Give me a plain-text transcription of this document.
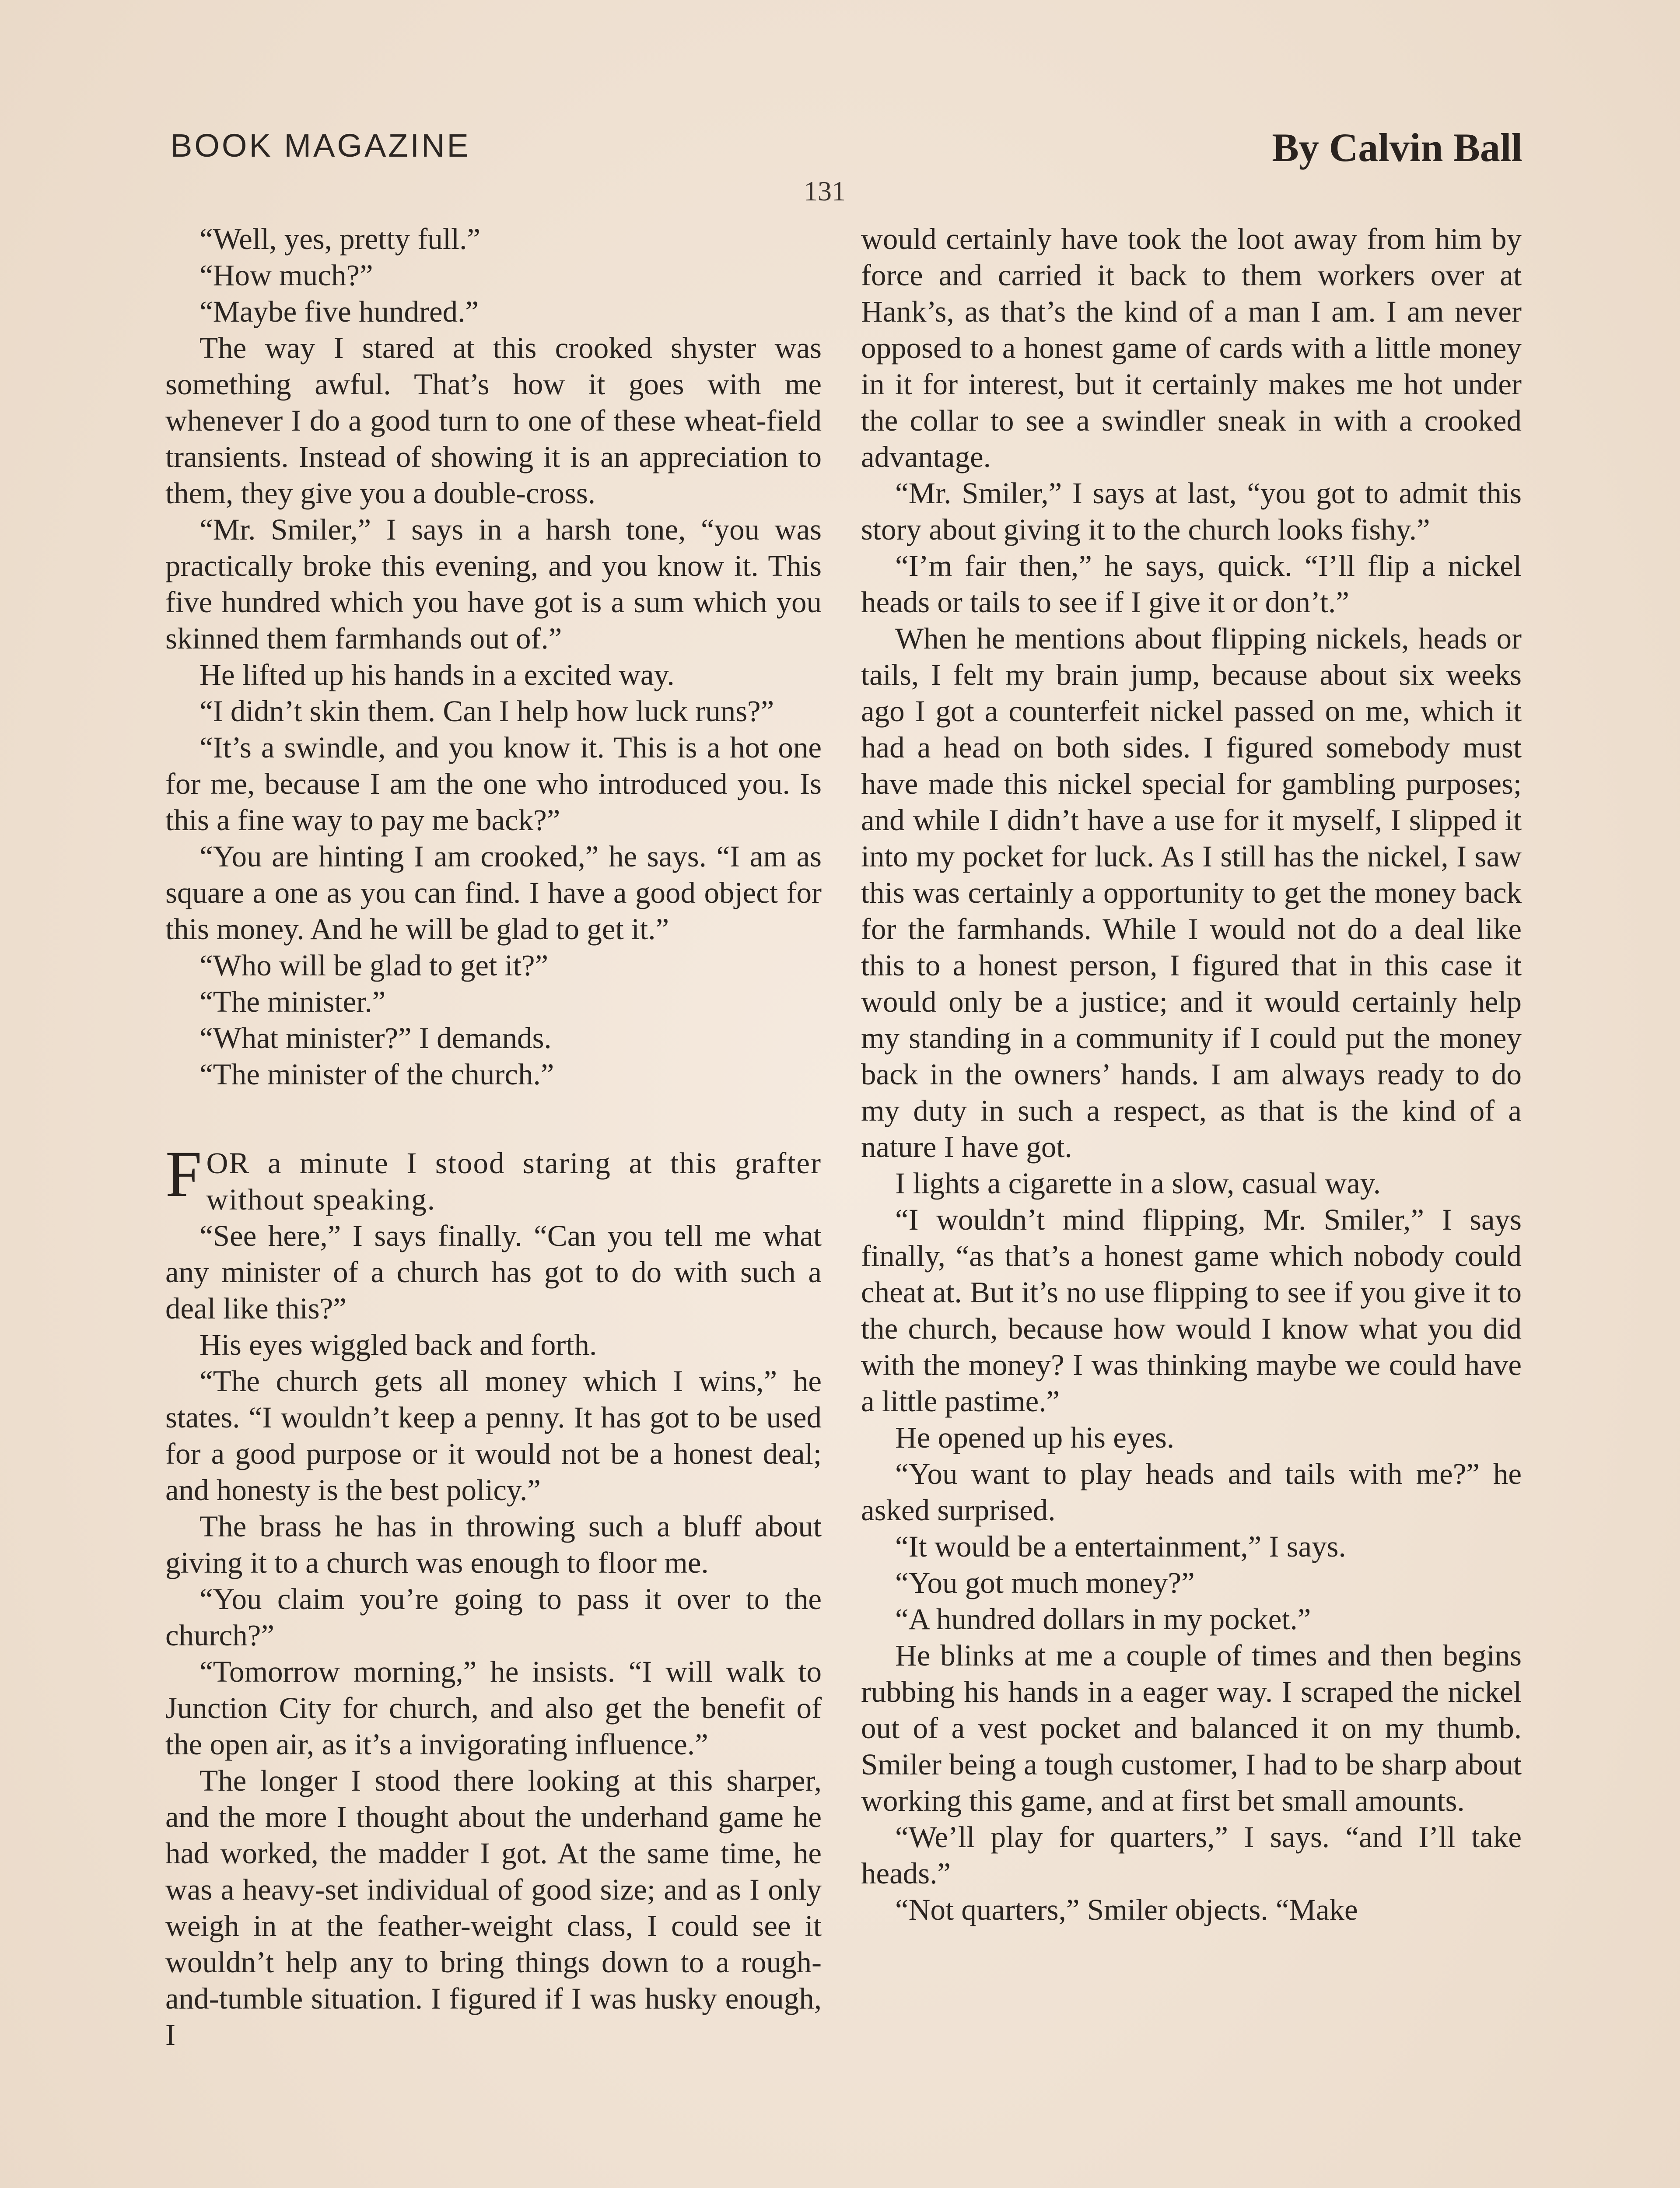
BOOK MAGAZINE	By Calvin Ball
131

“Well, yes, pretty full.”

“How much?”

“Maybe five hundred.”

The way I stared at this crooked shyster was something awful. That’s how it goes with me whenever I do a good turn to one of these wheat-field transients. Instead of showing it is an appreciation to them, they give you a double-cross.

“Mr. Smiler,” I says in a harsh tone, “you was practically broke this evening, and you know it. This five hundred which you have got is a sum which you skinned them farmhands out of.”

He lifted up his hands in a excited way.

“I didn’t skin them. Can I help how luck runs?”

“It’s a swindle, and you know it. This is a hot one for me, because I am the one who introduced you. Is this a fine way to pay me back?”

“You are hinting I am crooked,” he says. “I am as square a one as you can find. I have a good object for this money. And he will be glad to get it.”

“Who will be glad to get it?”

“The minister.”

“What minister?” I demands.

“The minister of the church.”

FOR a minute I stood staring at this grafter without speaking.

“See here,” I says finally. “Can you tell me what any minister of a church has got to do with such a deal like this?”

His eyes wiggled back and forth.

“The church gets all money which I wins,” he states. “I wouldn’t keep a penny. It has got to be used for a good purpose or it would not be a honest deal; and honesty is the best policy.”

The brass he has in throwing such a bluff about giving it to a church was enough to floor me.

“You claim you’re going to pass it over to the church?”

“Tomorrow morning,” he insists. “I will walk to Junction City for church, and also get the benefit of the open air, as it’s a invigorating influence.”

The longer I stood there looking at this sharper, and the more I thought about the underhand game he had worked, the madder I got. At the same time, he was a heavy-set individual of good size; and as I only weigh in at the feather-weight class, I could see it wouldn’t help any to bring things down to a rough-and-tumble situation. I figured if I was husky enough, I

would certainly have took the loot away from him by force and carried it back to them workers over at Hank’s, as that’s the kind of a man I am. I am never opposed to a honest game of cards with a little money in it for interest, but it certainly makes me hot under the collar to see a swindler sneak in with a crooked advantage.

“Mr. Smiler,” I says at last, “you got to admit this story about giving it to the church looks fishy.”

“I’m fair then,” he says, quick. “I’ll flip a nickel heads or tails to see if I give it or don’t.”

When he mentions about flipping nickels, heads or tails, I felt my brain jump, because about six weeks ago I got a counterfeit nickel passed on me, which it had a head on both sides. I figured somebody must have made this nickel special for gambling purposes; and while I didn’t have a use for it myself, I slipped it into my pocket for luck. As I still has the nickel, I saw this was certainly a opportunity to get the money back for the farmhands. While I would not do a deal like this to a honest person, I figured that in this case it would only be a justice; and it would certainly help my standing in a community if I could put the money back in the owners’ hands. I am always ready to do my duty in such a respect, as that is the kind of a nature I have got.

I lights a cigarette in a slow, casual way.

“I wouldn’t mind flipping, Mr. Smiler,” I says finally, “as that’s a honest game which nobody could cheat at. But it’s no use flipping to see if you give it to the church, because how would I know what you did with the money? I was thinking maybe we could have a little pastime.”

He opened up his eyes.

“You want to play heads and tails with me?” he asked surprised.

“It would be a entertainment,” I says.

“You got much money?”

“A hundred dollars in my pocket.”

He blinks at me a couple of times and then begins rubbing his hands in a eager way. I scraped the nickel out of a vest pocket and balanced it on my thumb. Smiler being a tough customer, I had to be sharp about working this game, and at first bet small amounts.

“We’ll play for quarters,” I says. “and I’ll take heads.”

“Not quarters,” Smiler objects. “Make
